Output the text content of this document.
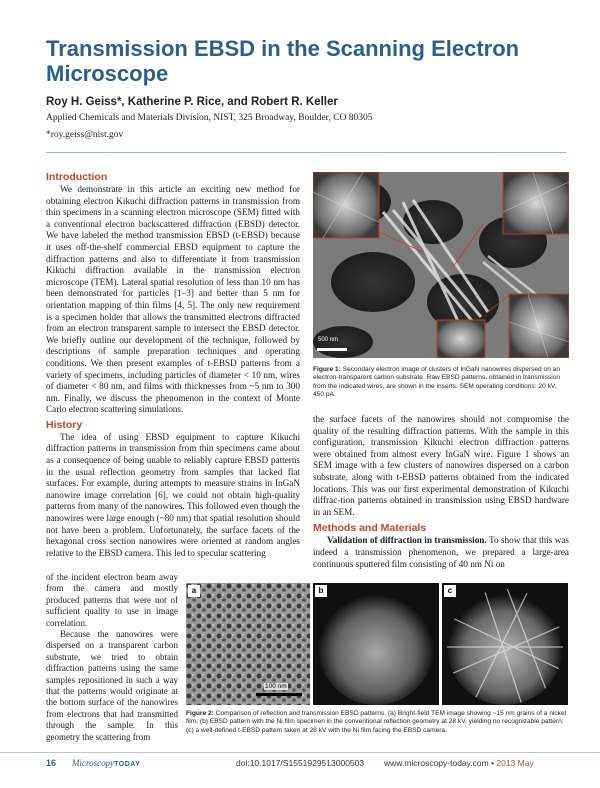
Transmission EBSD in the Scanning Electron Microscope
Roy H. Geiss*, Katherine P. Rice, and Robert R. Keller
Applied Chemicals and Materials Division, NIST, 325 Broadway, Boulder, CO 80305
*roy.geiss@nist.gov
Introduction

We demonstrate in this article an exciting new method for obtaining electron Kikuchi diffraction patterns in transmission from thin specimens in a scanning electron microscope (SEM) fitted with a conventional electron backscattered diffraction (EBSD) detector. We have labeled the method transmission EBSD (t-EBSD) because it uses off-the-shelf commercial EBSD equipment to capture the diffraction patterns and also to differentiate it from transmission Kikuchi diffraction available in the transmission electron microscope (TEM). Lateral spatial resolution of less than 10 nm has been demonstrated for particles [1–3] and better than 5 nm for orientation mapping of thin films [4, 5]. The only new requirement is a specimen holder that allows the transmitted electrons diffracted from an electron transparent sample to intersect the EBSD detector. We briefly outline our development of the technique, followed by descriptions of sample preparation techniques and operating conditions. We then present examples of t-EBSD patterns from a variety of specimens, including particles of diameter < 10 nm, wires of diameter < 80 nm, and films with thicknesses from ~5 nm to 300 nm. Finally, we discuss the phenomenon in the context of Monte Carlo electron scattering simulations.

History

The idea of using EBSD equipment to capture Kikuchi diffraction patterns in transmission from thin specimens came about as a consequence of being unable to reliably capture EBSD patterns in the usual reflection geometry from samples that lacked flat surfaces. For example, during attempts to measure strains in InGaN nanowire image correlation [6], we could not obtain high-quality patterns from many of the nanowires. This followed even though the nanowires were large enough (~80 nm) that spatial resolution should not have been a problem. Unfortunately, the surface facets of the hexagonal cross section nanowires were oriented at random angles relative to the EBSD camera. This led to specular scattering

of the incident electron beam away from the camera and mostly produced patterns that were not of sufficient quality to use in image correlation.

Because the nanowires were dispersed on a transparent carbon substrate, we tried to obtain diffraction patterns using the same samples repositioned in such a way that the patterns would originate at the bottom surface of the nanowires from electrons that had transmitted through the sample. In this geometry the scattering from

500 nm
Figure 1: Secondary electron image of clusters of InGaN nanowires dispersed on an electron-transparent carbon substrate. Raw EBSD patterns, obtained in transmission from the indicated wires, are shown in the inserts. SEM operating conditions: 20 kV, 450 pA.

the surface facets of the nanowires should not compromise the quality of the resulting diffraction patterns. With the sample in this configuration, transmission Kikuchi electron diffraction patterns were obtained from almost every InGaN wire. Figure 1 shows an SEM image with a few clusters of nanowires dispersed on a carbon substrate, along with t-EBSD patterns obtained from the indicated locations. This was our first experimental demonstration of Kikuchi diffrac-tion patterns obtained in transmission using EBSD hardware in an SEM.

Methods and Materials

Validation of diffraction in transmission. To show that this was indeed a transmission phenomenon, we prepared a large-area continuous sputtered film consisting of 40 nm Ni on

a
100 nm
b	c
Figure 2: Comparison of reflection and transmission EBSD patterns. (a) Bright-field TEM image showing ~15 nm grains of a nickel film; (b) EBSD pattern with the Ni film specimen in the conventional reflection geometry at 28 kV, yielding no recognizable pattern; (c) a well-defined t-EBSD pattern taken at 28 kV with the Ni film facing the EBSD camera.
16 MicroscopyTODAY	doi:10.1017/S1551929513000503 www.microscopy-today.com • 2013 May
